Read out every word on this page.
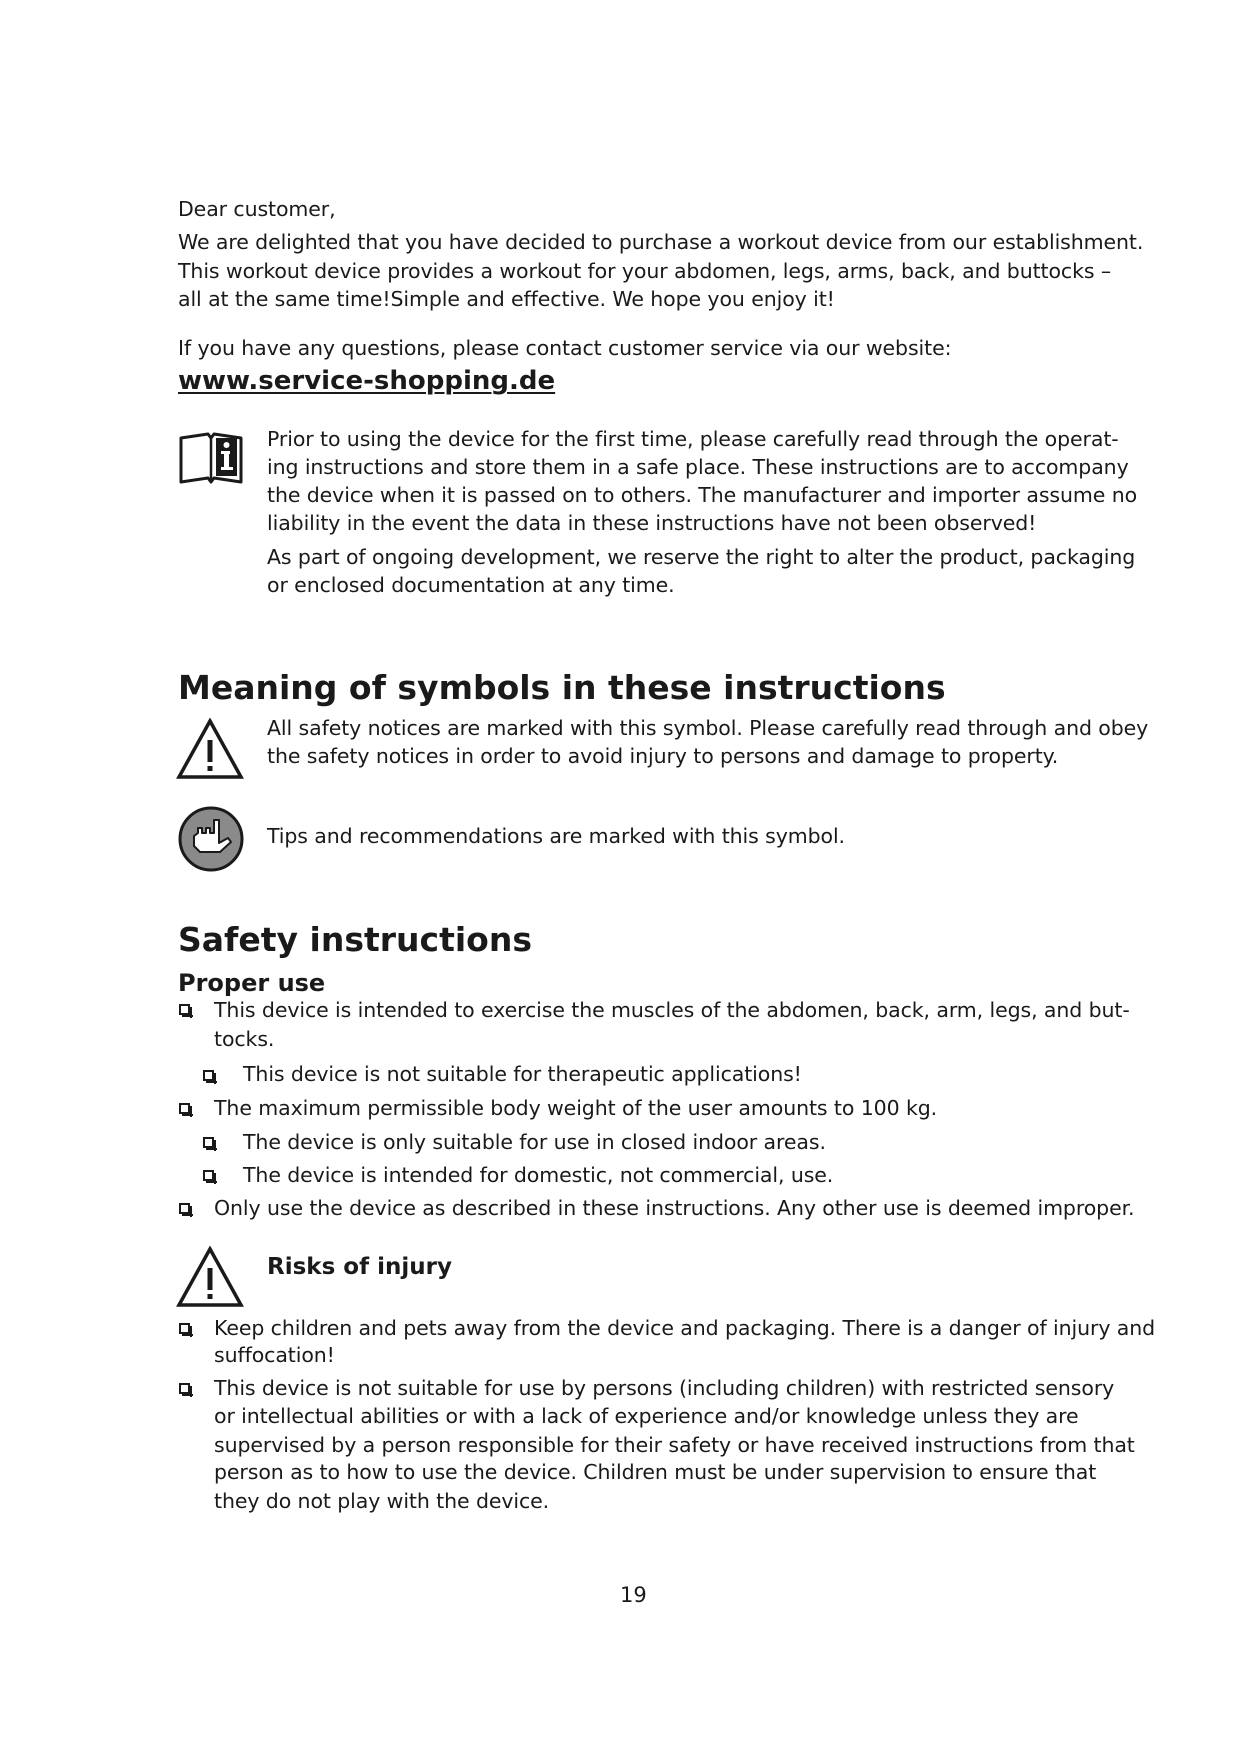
Dear customer,
We are delighted that you have decided to purchase a workout device from our establishment.
This workout device provides a workout for your abdomen, legs, arms, back, and buttocks –
all at the same time!Simple and effective. We hope you enjoy it!
If you have any questions, please contact customer service via our website:
www.service-shopping.de
Prior to using the device for the first time, please carefully read through the operat-
ing instructions and store them in a safe place. These instructions are to accompany
the device when it is passed on to others. The manufacturer and importer assume no
liability in the event the data in these instructions have not been observed!
As part of ongoing development, we reserve the right to alter the product, packaging
or enclosed documentation at any time.
Meaning of symbols in these instructions
All safety notices are marked with this symbol. Please carefully read through and obey
the safety notices in order to avoid injury to persons and damage to property.
Tips and recommendations are marked with this symbol.
Safety instructions
Proper use
This device is intended to exercise the muscles of the abdomen, back, arm, legs, and but-
tocks.
This device is not suitable for therapeutic applications!
The maximum permissible body weight of the user amounts to 100 kg.
The device is only suitable for use in closed indoor areas.
The device is intended for domestic, not commercial, use.
Only use the device as described in these instructions. Any other use is deemed improper.
Risks of injury
Keep children and pets away from the device and packaging. There is a danger of injury and
suffocation!
This device is not suitable for use by persons (including children) with restricted sensory
or intellectual abilities or with a lack of experience and/or knowledge unless they are
supervised by a person responsible for their safety or have received instructions from that
person as to how to use the device. Children must be under supervision to ensure that
they do not play with the device.
19
